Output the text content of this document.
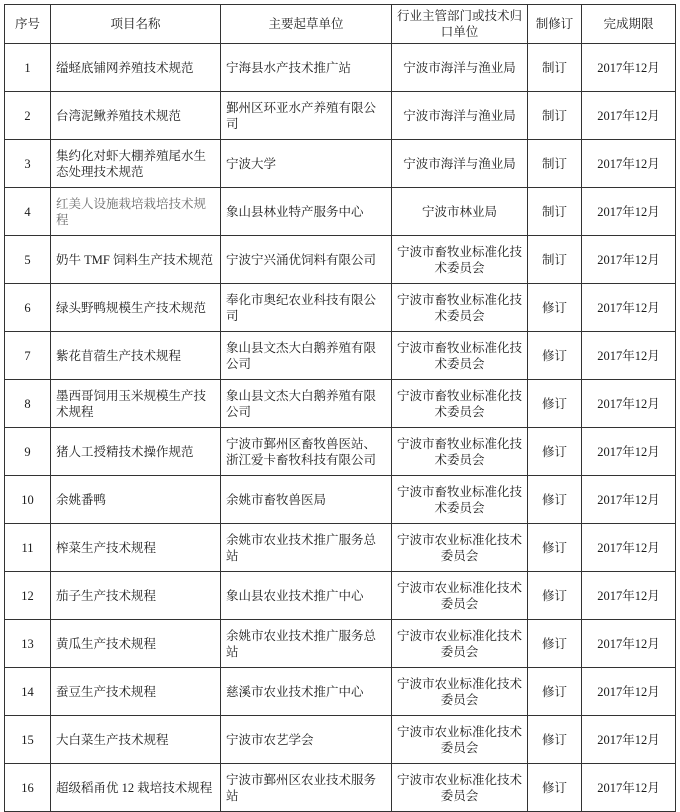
序号	项目名称	主要起草单位	行业主管部门或技术归口单位	制修订	完成期限
1	缢蛏底铺网养殖技术规范	宁海县水产技术推广站	宁波市海洋与渔业局	制订	2017年12月
2	台湾泥鳅养殖技术规范	鄞州区环亚水产养殖有限公司	宁波市海洋与渔业局	制订	2017年12月
3	集约化对虾大棚养殖尾水生态处理技术规范	宁波大学	宁波市海洋与渔业局	制订	2017年12月
4	红美人设施栽培栽培技术规程	象山县林业特产服务中心	宁波市林业局	制订	2017年12月
5	奶牛 TMF 饲料生产技术规范	宁波宁兴涌优饲料有限公司	宁波市畜牧业标准化技术委员会	制订	2017年12月
6	绿头野鸭规模生产技术规范	奉化市奥纪农业科技有限公司	宁波市畜牧业标准化技术委员会	修订	2017年12月
7	紫花苜蓿生产技术规程	象山县文杰大白鹅养殖有限公司	宁波市畜牧业标准化技术委员会	修订	2017年12月
8	墨西哥饲用玉米规模生产技术规程	象山县文杰大白鹅养殖有限公司	宁波市畜牧业标准化技术委员会	修订	2017年12月
9	猪人工授精技术操作规范	宁波市鄞州区畜牧兽医站、浙江爱卡畜牧科技有限公司	宁波市畜牧业标准化技术委员会	修订	2017年12月
10	余姚番鸭	余姚市畜牧兽医局	宁波市畜牧业标准化技术委员会	修订	2017年12月
11	榨菜生产技术规程	余姚市农业技术推广服务总站	宁波市农业标准化技术委员会	修订	2017年12月
12	茄子生产技术规程	象山县农业技术推广中心	宁波市农业标准化技术委员会	修订	2017年12月
13	黄瓜生产技术规程	余姚市农业技术推广服务总站	宁波市农业标准化技术委员会	修订	2017年12月
14	蚕豆生产技术规程	慈溪市农业技术推广中心	宁波市农业标准化技术委员会	修订	2017年12月
15	大白菜生产技术规程	宁波市农艺学会	宁波市农业标准化技术委员会	修订	2017年12月
16	超级稻甬优 12 栽培技术规程	宁波市鄞州区农业技术服务站	宁波市农业标准化技术委员会	修订	2017年12月
